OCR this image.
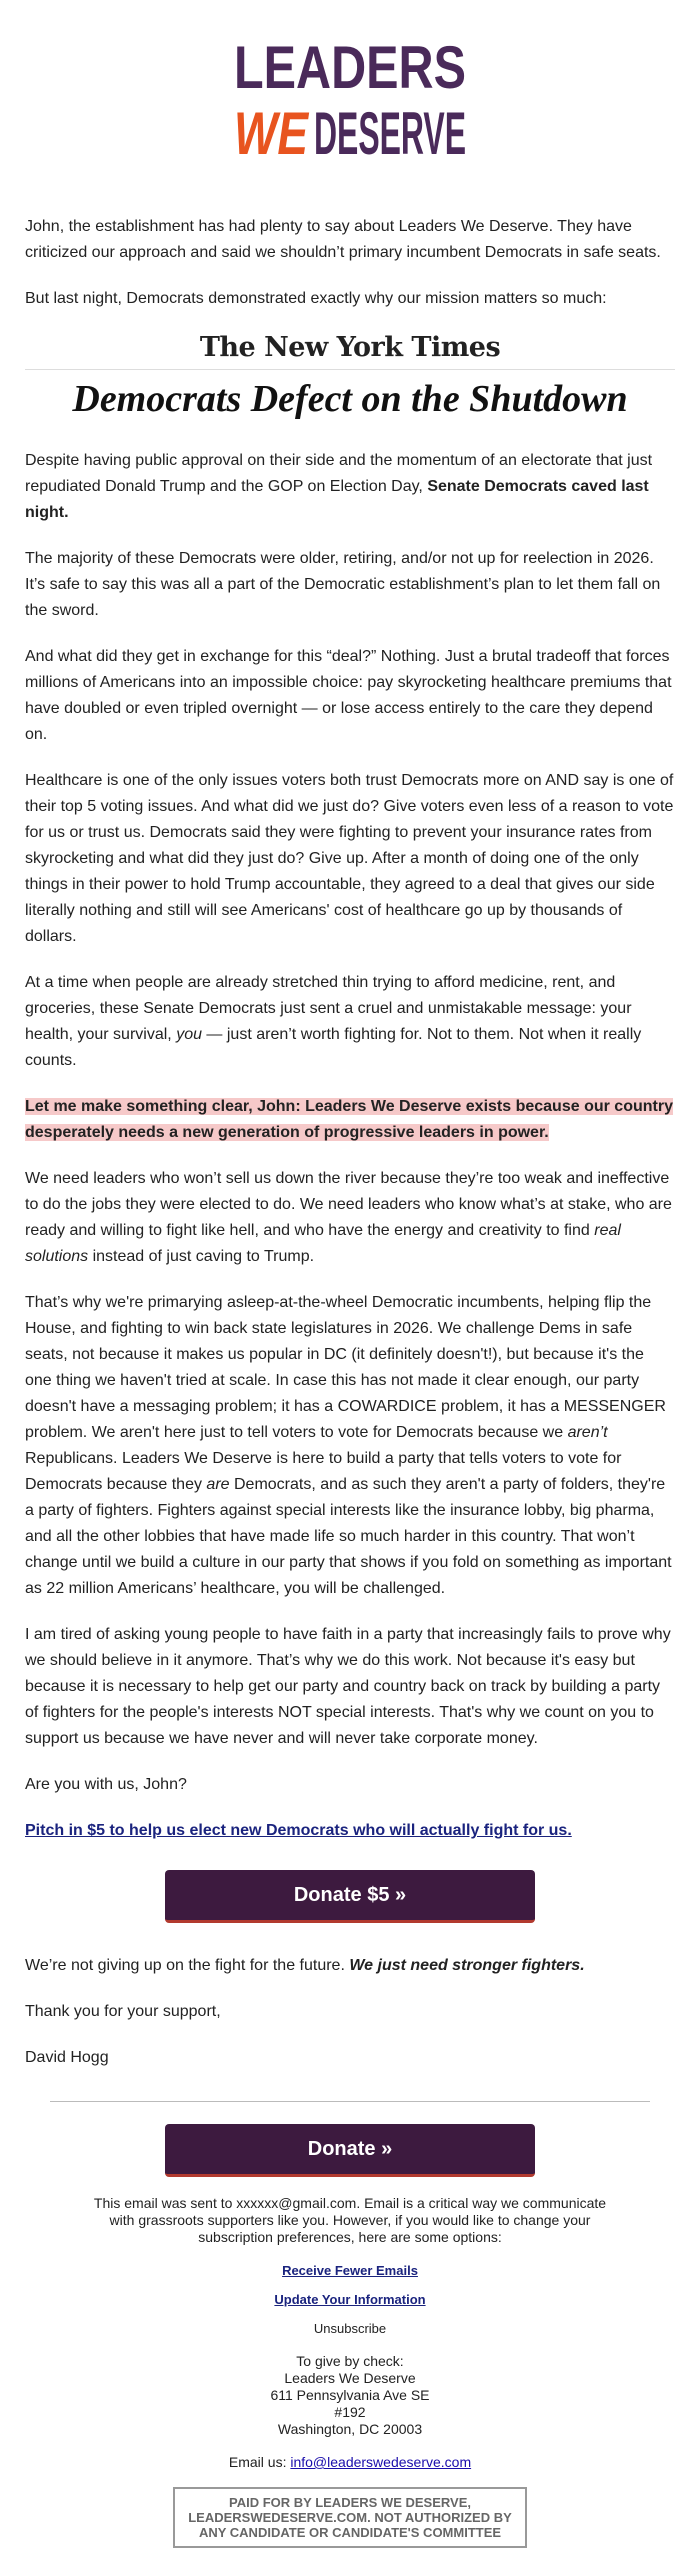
LEADERS
WE DESERVE

John, the establishment has had plenty to say about Leaders We Deserve. They have criticized our approach and said we shouldn’t primary incumbent Democrats in safe seats.

But last night, Democrats demonstrated exactly why our mission matters so much:

The New York Times
Democrats Defect on the Shutdown

Despite having public approval on their side and the momentum of an electorate that just repudiated Donald Trump and the GOP on Election Day, Senate Democrats caved last night.

The majority of these Democrats were older, retiring, and/or not up for reelection in 2026. It’s safe to say this was all a part of the Democratic establishment’s plan to let them fall on the sword.

And what did they get in exchange for this “deal?” Nothing. Just a brutal tradeoff that forces millions of Americans into an impossible choice: pay skyrocketing healthcare premiums that have doubled or even tripled overnight — or lose access entirely to the care they depend on.

Healthcare is one of the only issues voters both trust Democrats more on AND say is one of their top 5 voting issues. And what did we just do? Give voters even less of a reason to vote for us or trust us. Democrats said they were fighting to prevent your insurance rates from skyrocketing and what did they just do? Give up. After a month of doing one of the only things in their power to hold Trump accountable, they agreed to a deal that gives our side literally nothing and still will see Americans' cost of healthcare go up by thousands of dollars.

At a time when people are already stretched thin trying to afford medicine, rent, and groceries, these Senate Democrats just sent a cruel and unmistakable message: your health, your survival, you — just aren’t worth fighting for. Not to them. Not when it really counts.

Let me make something clear, John: Leaders We Deserve exists because our country desperately needs a new generation of progressive leaders in power.

We need leaders who won’t sell us down the river because they’re too weak and ineffective to do the jobs they were elected to do. We need leaders who know what’s at stake, who are ready and willing to fight like hell, and who have the energy and creativity to find real solutions instead of just caving to Trump.

That’s why we're primarying asleep-at-the-wheel Democratic incumbents, helping flip the House, and fighting to win back state legislatures in 2026. We challenge Dems in safe seats, not because it makes us popular in DC (it definitely doesn't!), but because it's the one thing we haven't tried at scale. In case this has not made it clear enough, our party doesn't have a messaging problem; it has a COWARDICE problem, it has a MESSENGER problem. We aren't here just to tell voters to vote for Democrats because we aren’t Republicans. Leaders We Deserve is here to build a party that tells voters to vote for Democrats because they are Democrats, and as such they aren't a party of folders, they're a party of fighters. Fighters against special interests like the insurance lobby, big pharma, and all the other lobbies that have made life so much harder in this country. That won’t change until we build a culture in our party that shows if you fold on something as important as 22 million Americans’ healthcare, you will be challenged.

I am tired of asking young people to have faith in a party that increasingly fails to prove why we should believe in it anymore. That’s why we do this work. Not because it's easy but because it is necessary to help get our party and country back on track by building a party of fighters for the people's interests NOT special interests. That's why we count on you to support us because we have never and will never take corporate money.

Are you with us, John?

Pitch in $5 to help us elect new Democrats who will actually fight for us.

Donate $5 »

We’re not giving up on the fight for the future. We just need stronger fighters.

Thank you for your support,

David Hogg

Donate »
This email was sent to xxxxxx@gmail.com. Email is a critical way we communicate with grassroots supporters like you. However, if you would like to change your subscription preferences, here are some options:
Receive Fewer Emails
Update Your Information
Unsubscribe
To give by check:
Leaders We Deserve
611 Pennsylvania Ave SE
#192
Washington, DC 20003
Email us: info@leaderswedeserve.com
PAID FOR BY LEADERS WE DESERVE, LEADERSWEDESERVE.COM. NOT AUTHORIZED BY ANY CANDIDATE OR CANDIDATE'S COMMITTEE
